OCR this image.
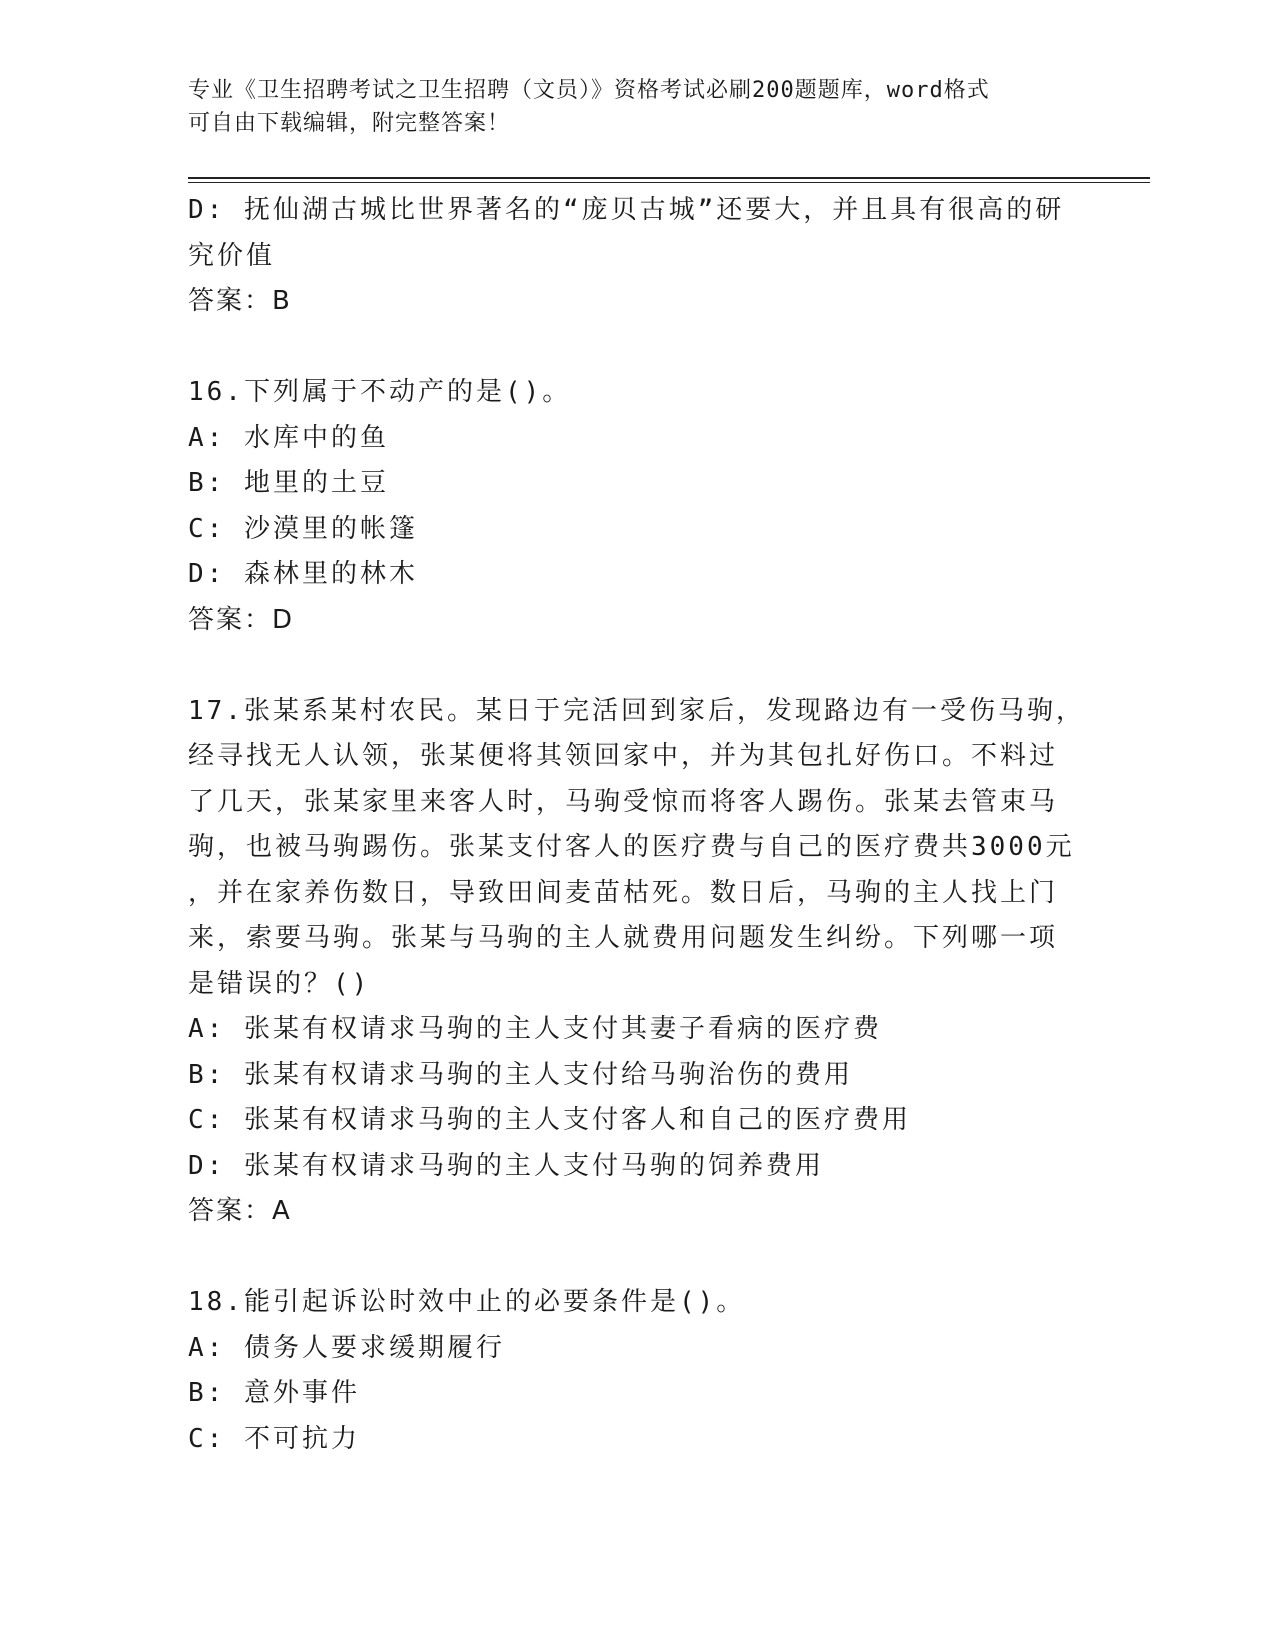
专业《卫生招聘考试之卫生招聘（文员）》资格考试必刷200题题库，word格式
可自由下载编辑，附完整答案！
D: 抚仙湖古城比世界著名的“庞贝古城”还要大，并且具有很高的研
究价值
答案：B
16.下列属于不动产的是()。
A: 水库中的鱼
B: 地里的土豆
C: 沙漠里的帐篷
D: 森林里的林木
答案：D
17.张某系某村农民。某日于完活回到家后，发现路边有一受伤马驹，
经寻找无人认领，张某便将其领回家中，并为其包扎好伤口。不料过
了几天，张某家里来客人时，马驹受惊而将客人踢伤。张某去管束马
驹，也被马驹踢伤。张某支付客人的医疗费与自己的医疗费共3000元
，并在家养伤数日，导致田间麦苗枯死。数日后，马驹的主人找上门
来，索要马驹。张某与马驹的主人就费用问题发生纠纷。下列哪一项
是错误的？()
A: 张某有权请求马驹的主人支付其妻子看病的医疗费
B: 张某有权请求马驹的主人支付给马驹治伤的费用
C: 张某有权请求马驹的主人支付客人和自己的医疗费用
D: 张某有权请求马驹的主人支付马驹的饲养费用
答案：A
18.能引起诉讼时效中止的必要条件是()。
A: 债务人要求缓期履行
B: 意外事件
C: 不可抗力
